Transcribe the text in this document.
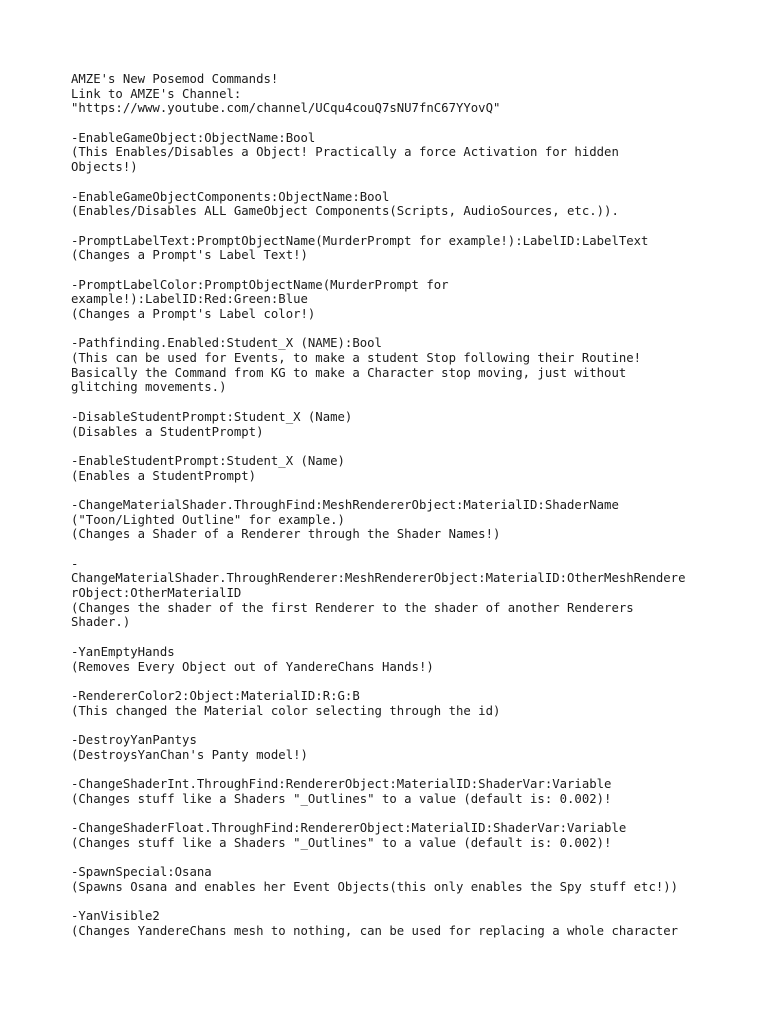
AMZE's New Posemod Commands!
Link to AMZE's Channel:
"https://www.youtube.com/channel/UCqu4couQ7sNU7fnC67YYovQ"
-EnableGameObject:ObjectName:Bool
(This Enables/Disables a Object! Practically a force Activation for hidden
Objects!)
-EnableGameObjectComponents:ObjectName:Bool
(Enables/Disables ALL GameObject Components(Scripts, AudioSources, etc.)).
-PromptLabelText:PromptObjectName(MurderPrompt for example!):LabelID:LabelText
(Changes a Prompt's Label Text!)
-PromptLabelColor:PromptObjectName(MurderPrompt for
example!):LabelID:Red:Green:Blue
(Changes a Prompt's Label color!)
-Pathfinding.Enabled:Student_X (NAME):Bool
(This can be used for Events, to make a student Stop following their Routine!
Basically the Command from KG to make a Character stop moving, just without
glitching movements.)
-DisableStudentPrompt:Student_X (Name)
(Disables a StudentPrompt)
-EnableStudentPrompt:Student_X (Name)
(Enables a StudentPrompt)
-ChangeMaterialShader.ThroughFind:MeshRendererObject:MaterialID:ShaderName
("Toon/Lighted Outline" for example.)
(Changes a Shader of a Renderer through the Shader Names!)
-
ChangeMaterialShader.ThroughRenderer:MeshRendererObject:MaterialID:OtherMeshRendere
rObject:OtherMaterialID
(Changes the shader of the first Renderer to the shader of another Renderers
Shader.)
-YanEmptyHands
(Removes Every Object out of YandereChans Hands!)
-RendererColor2:Object:MaterialID:R:G:B
(This changed the Material color selecting through the id)
-DestroyYanPantys
(DestroysYanChan's Panty model!)
-ChangeShaderInt.ThroughFind:RendererObject:MaterialID:ShaderVar:Variable
(Changes stuff like a Shaders "_Outlines" to a value (default is: 0.002)!
-ChangeShaderFloat.ThroughFind:RendererObject:MaterialID:ShaderVar:Variable
(Changes stuff like a Shaders "_Outlines" to a value (default is: 0.002)!
-SpawnSpecial:Osana
(Spawns Osana and enables her Event Objects(this only enables the Spy stuff etc!))
-YanVisible2
(Changes YandereChans mesh to nothing, can be used for replacing a whole character
